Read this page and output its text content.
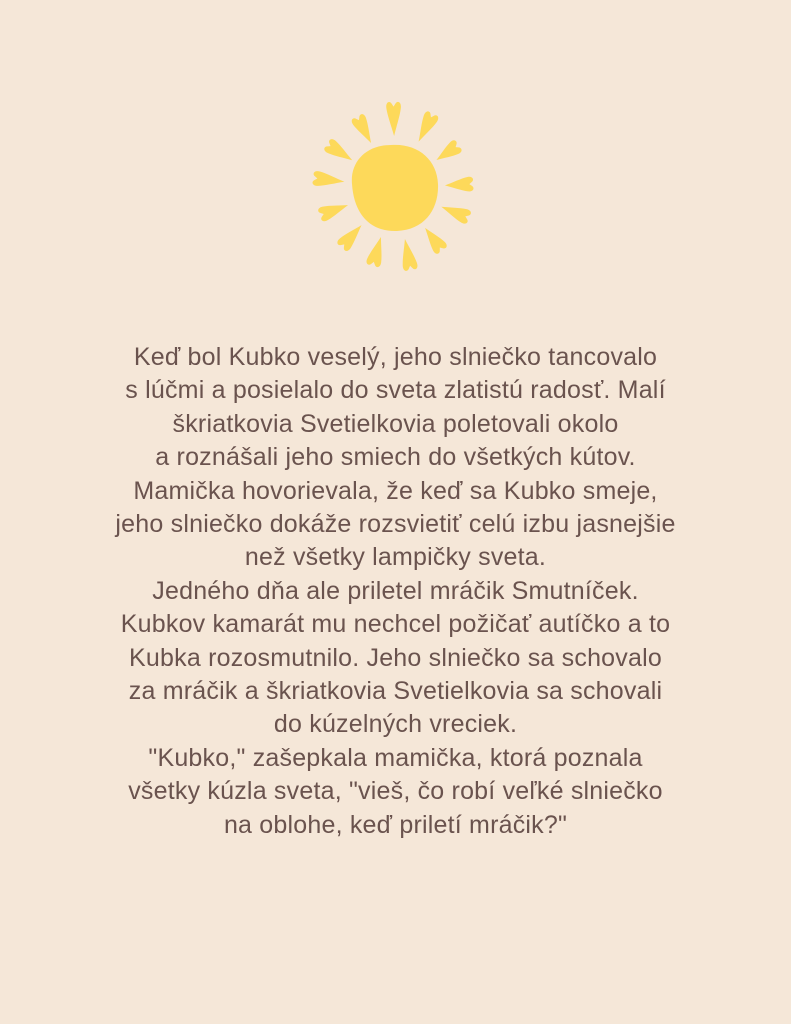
Keď bol Kubko veselý, jeho slniečko tancovalo
s lúčmi a posielalo do sveta zlatistú radosť. Malí
škriatkovia Svetielkovia poletovali okolo
a roznášali jeho smiech do všetkých kútov.
Mamička hovorievala, že keď sa Kubko smeje,
jeho slniečko dokáže rozsvietiť celú izbu jasnejšie
než všetky lampičky sveta.
Jedného dňa ale priletel mráčik Smutníček.
Kubkov kamarát mu nechcel požičať autíčko a to
Kubka rozosmutnilo. Jeho slniečko sa schovalo
za mráčik a škriatkovia Svetielkovia sa schovali
do kúzelných vreciek.
"Kubko," zašepkala mamička, ktorá poznala
všetky kúzla sveta, "vieš, čo robí veľké slniečko
na oblohe, keď priletí mráčik?"
